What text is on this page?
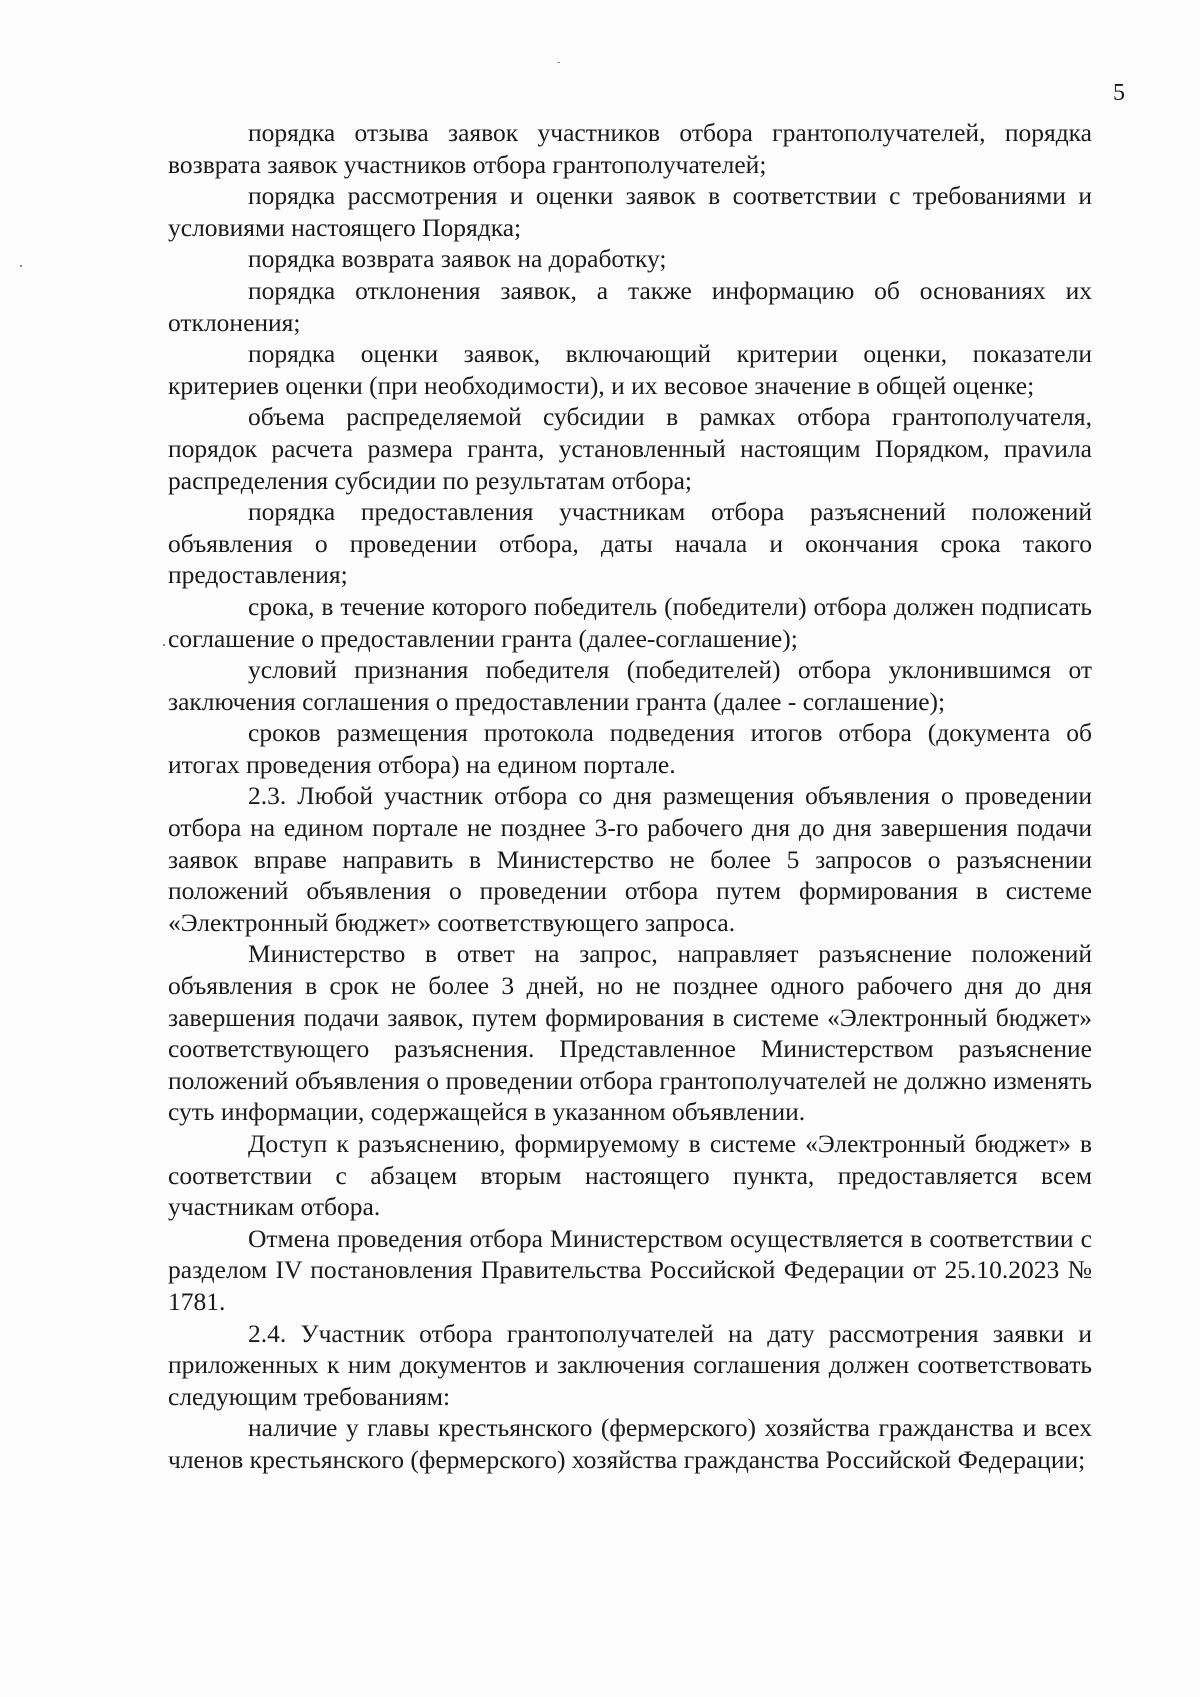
5

порядка отзыва заявок участников отбора грантополучателей, порядка возврата заявок участников отбора грантополучателей;

порядка рассмотрения и оценки заявок в соответствии с требованиями и условиями настоящего Порядка;

порядка возврата заявок на доработку;

порядка отклонения заявок, а также информацию об основаниях их отклонения;

порядка оценки заявок, включающий критерии оценки, показатели критериев оценки (при необходимости), и их весовое значение в общей оценке;

объема распределяемой субсидии в рамках отбора грантополучателя, порядок расчета размера гранта, установленный настоящим Порядком, праvила распределения субсидии по результатам отбора;

порядка предоставления участникам отбора разъяснений положений объявления о проведении отбора, даты начала и окончания срока такого предоставления;

срока, в течение которого победитель (победители) отбора должен подписать соглашение о предоставлении гранта (далее-соглашение);

условий признания победителя (победителей) отбора уклонившимся от заключения соглашения о предоставлении гранта (далее - соглашение);

сроков размещения протокола подведения итогов отбора (документа об итогах проведения отбора) на едином портале.

2.3. Любой участник отбора со дня размещения объявления о проведении отбора на едином портале не позднее 3-го рабочего дня до дня завершения подачи заявок вправе направить в Министерство не более 5 запросов о разъяснении положений объявления о проведении отбора путем формирования в системе «Электронный бюджет» соответствующего запроса.

Министерство в ответ на запрос, направляет разъяснение положений объявления в срок не более 3 дней, но не позднее одного рабочего дня до дня завершения подачи заявок, путем формирования в системе «Электронный бюджет» соответствующего разъяснения. Представленное Министерством разъяснение положений объявления о проведении отбора грантополучателей не должно изменять суть информации, содержащейся в указанном объявлении.

Доступ к разъяснению, формируемому в системе «Электронный бюджет» в соответствии с абзацем вторым настоящего пункта, предоставляется всем участникам отбора.

Отмена проведения отбора Министерством осуществляется в соответствии с разделом IV постановления Правительства Российской Федерации от 25.10.2023 № 1781.

2.4. Участник отбора грантополучателей на дату рассмотрения заявки и приложенных к ним документов и заключения соглашения должен соответствовать следующим требованиям:

наличие у главы крестьянского (фермерского) хозяйства гражданства и всех членов крестьянского (фермерского) хозяйства гражданства Российской Федерации;
